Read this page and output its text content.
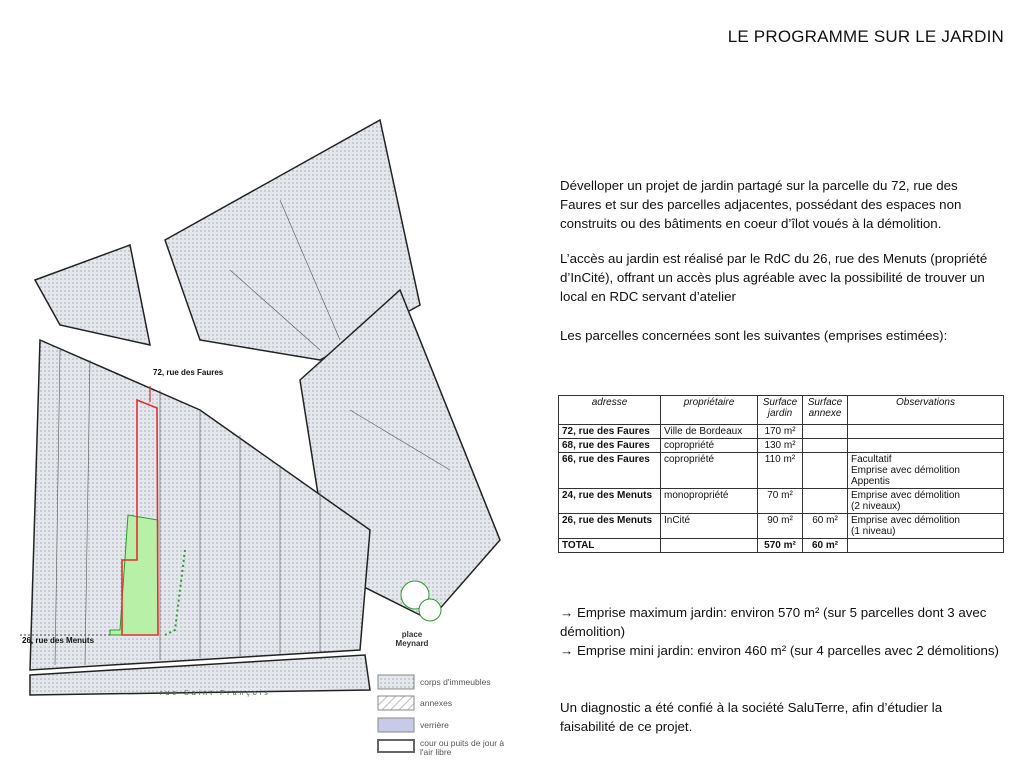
LE PROGRAMME SUR LE JARDIN
72, rue des Faures
26, rue des Menuts
place Meynard
rue Saint François
corps d'immeubles
annexes
verrière
cour ou puits de jour à l'air libre
Dévelloper un projet de jardin partagé sur la parcelle du 72, rue des Faures et sur des parcelles adjacentes, possédant des espaces non construits ou des bâtiments en coeur d’îlot voués à la démolition.
L’accès au jardin est réalisé par le RdC du 26, rue des Menuts (propriété d’InCité), offrant un accès plus agréable avec la possibilité de trouver un local en RDC servant d’atelier
Les parcelles concernées sont les suivantes (emprises estimées):
adresse	propriétaire	Surface jardin	Surface annexe	Observations
72, rue des Faures	Ville de Bordeaux	170 m²		
68, rue des Faures	copropriété	130 m²		
66, rue des Faures	copropriété	110 m²		Facultatif
Emprise avec démolition Appentis
24, rue des Menuts	monopropriété	70 m²		Emprise avec démolition
(2 niveaux)
26, rue des Menuts	InCité	90 m²	60 m²	Emprise avec démolition
(1 niveau)
TOTAL		570 m²	60 m²	
→ Emprise maximum jardin: environ 570 m² (sur 5 parcelles dont 3 avec démolition)
→ Emprise mini jardin: environ 460 m² (sur 4 parcelles avec 2 démolitions)
Un diagnostic a été confié à la société SaluTerre, afin d’étudier la faisabilité de ce projet.
